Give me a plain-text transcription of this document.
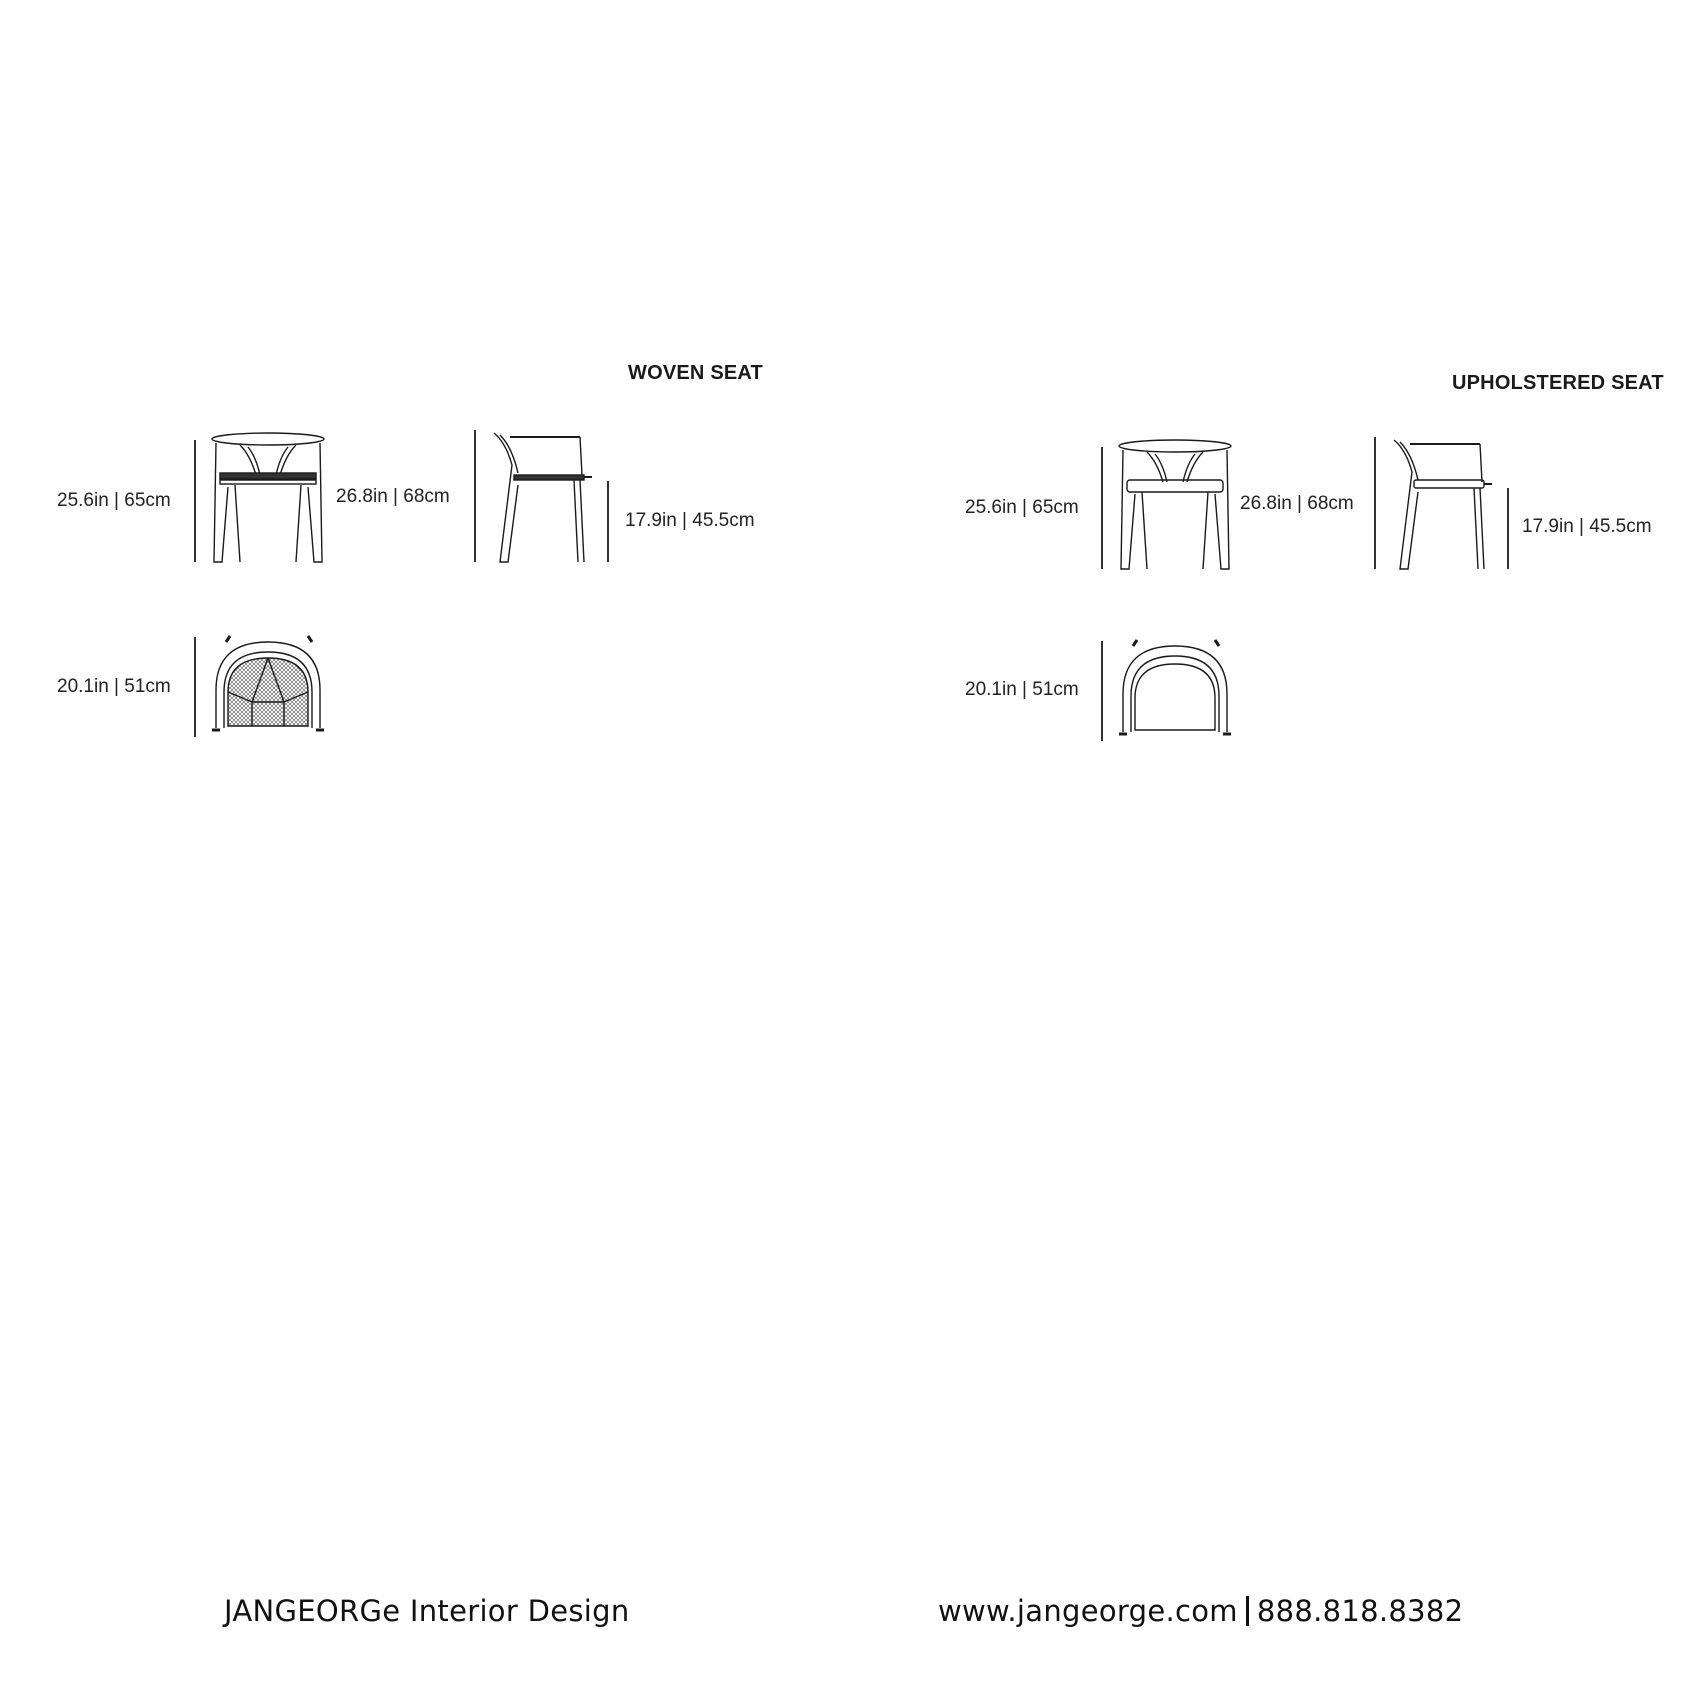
WOVEN SEAT
25.6in | 65cm	26.8in | 68cm
17.9in | 45.5cm
20.1in | 51cm
UPHOLSTERED SEAT
25.6in | 65cm	26.8in | 68cm
17.9in | 45.5cm
20.1in | 51cm
JANGEORGe Interior Design	www.jangeorge.com 888.818.8382
